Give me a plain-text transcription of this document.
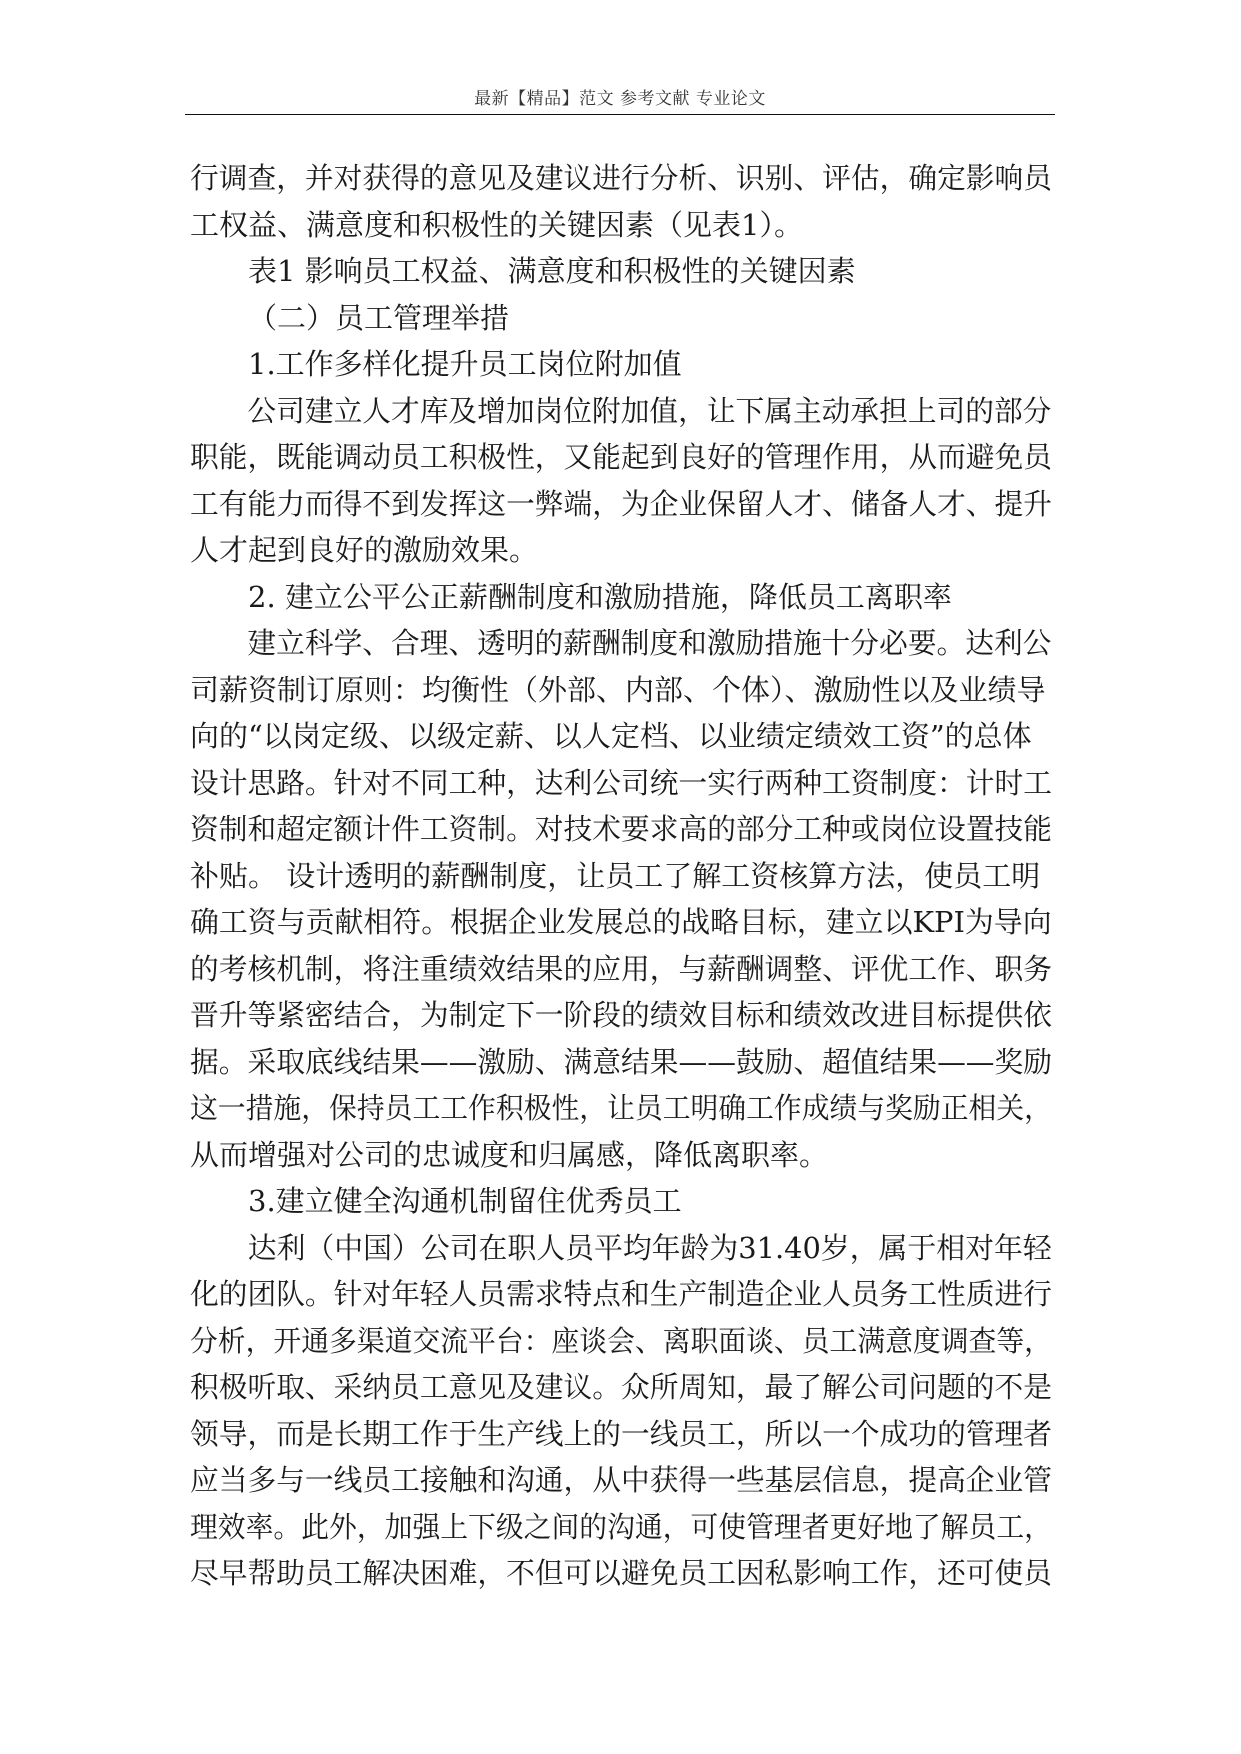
最新【精品】范文 参考文献 专业论文
行调查，并对获得的意见及建议进行分析、识别、评估，确定影响员
工权益、满意度和积极性的关键因素（见表1）。
表1 影响员工权益、满意度和积极性的关键因素
（二）员工管理举措
1.工作多样化提升员工岗位附加值
公司建立人才库及增加岗位附加值，让下属主动承担上司的部分
职能，既能调动员工积极性，又能起到良好的管理作用，从而避免员
工有能力而得不到发挥这一弊端，为企业保留人才、储备人才、提升
人才起到良好的激励效果。
2. 建立公平公正薪酬制度和激励措施，降低员工离职率
建立科学、合理、透明的薪酬制度和激励措施十分必要。达利公
司薪资制订原则：均衡性（外部、内部、个体）、激励性以及业绩导
向的“以岗定级、以级定薪、以人定档、以业绩定绩效工资”的总体
设计思路。针对不同工种，达利公司统一实行两种工资制度：计时工
资制和超定额计件工资制。对技术要求高的部分工种或岗位设置技能
补贴。 设计透明的薪酬制度，让员工了解工资核算方法，使员工明
确工资与贡献相符。根据企业发展总的战略目标，建立以KPI为导向
的考核机制，将注重绩效结果的应用，与薪酬调整、评优工作、职务
晋升等紧密结合，为制定下一阶段的绩效目标和绩效改进目标提供依
据。采取底线结果——激励、满意结果——鼓励、超值结果——奖励
这一措施，保持员工工作积极性，让员工明确工作成绩与奖励正相关，
从而增强对公司的忠诚度和归属感，降低离职率。
3.建立健全沟通机制留住优秀员工
达利（中国）公司在职人员平均年龄为31.40岁，属于相对年轻
化的团队。针对年轻人员需求特点和生产制造企业人员务工性质进行
分析，开通多渠道交流平台：座谈会、离职面谈、员工满意度调查等，
积极听取、采纳员工意见及建议。众所周知，最了解公司问题的不是
领导，而是长期工作于生产线上的一线员工，所以一个成功的管理者
应当多与一线员工接触和沟通，从中获得一些基层信息，提高企业管
理效率。此外，加强上下级之间的沟通，可使管理者更好地了解员工，
尽早帮助员工解决困难，不但可以避免员工因私影响工作，还可使员
